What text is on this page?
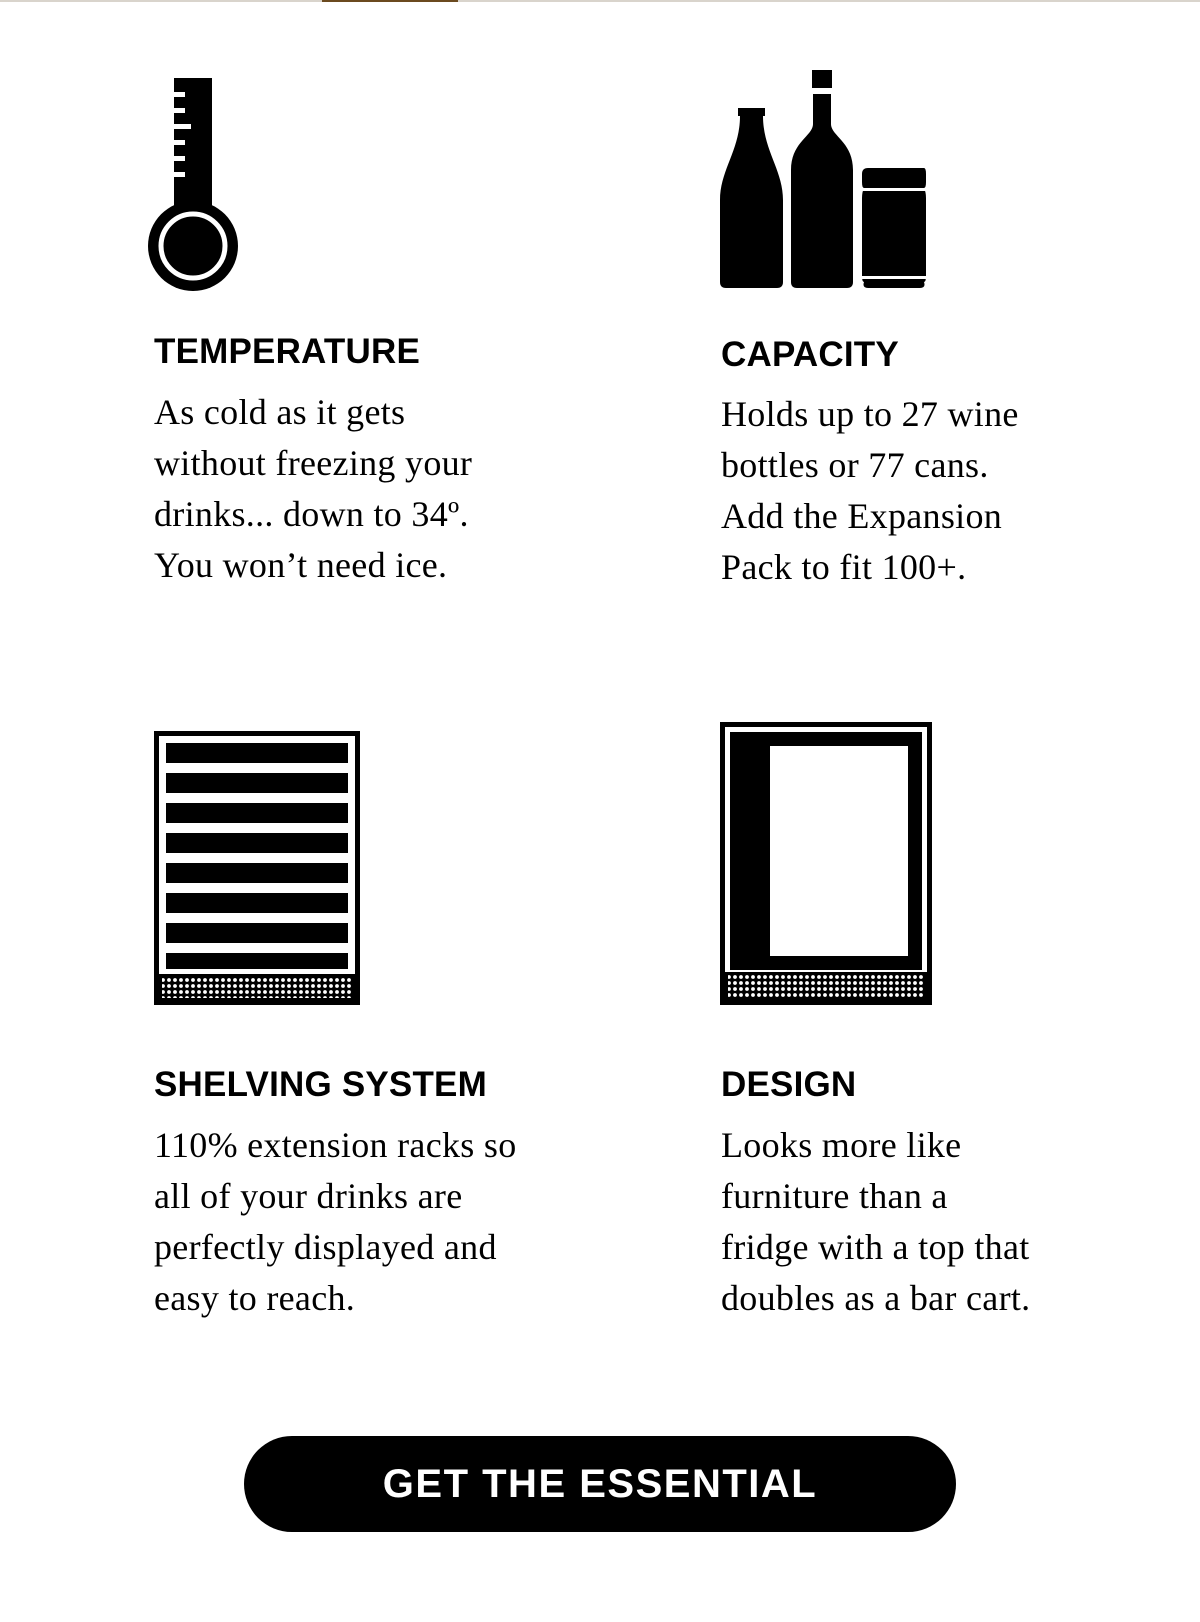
TEMPERATURE

As cold as it gets
without freezing your
drinks... down to 34º.
You won’t need ice.

CAPACITY

Holds up to 27 wine
bottles or 77 cans.
Add the Expansion
Pack to fit 100+.

SHELVING SYSTEM

110% extension racks so
all of your drinks are
perfectly displayed and
easy to reach.

DESIGN

Looks more like
furniture than a
fridge with a top that
doubles as a bar cart.

GET THE ESSENTIAL
